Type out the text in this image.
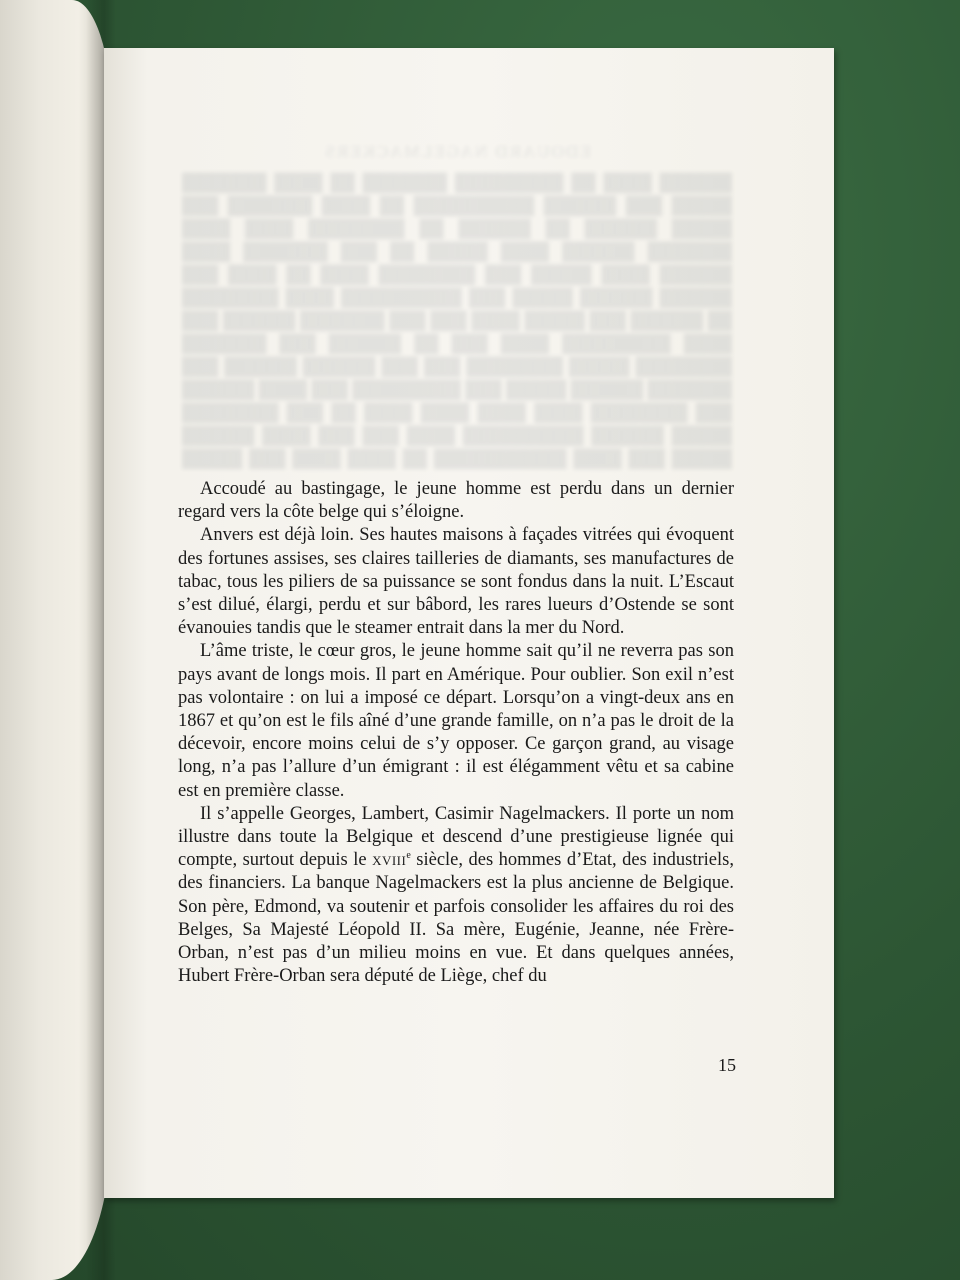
EDOUARD NAGELMACKERS
██████ ████ ██ █████████ ███████ ██ ████ ███████ █████ ███ ██████ ██████████ ██ ████ ███████ ███ █████ ██████ ██ ██████ ██ ████████ ████ ████ ███████ ██████ ████ █████ ██ ███ ███████ ████ ██████ ████ █████ ███ ████████ ████ ██ ████ ███ ██████ ██████ █████ ███ ██████████ ████ ████████ ██ ██████ ███ █████ ████ ███ ███ ███████ ██████ ███ ████ █████████ ████ ███ ██ ██████ ███ ███████ ████████ █████ ████████ ███ ███ ██████ ██████ ███ ███████ ██████ █████ ███ █████████ ███ ████ ██████ ███ ████████ ████ ████ ████ ████ ██ ███ ████████ █████ ██████ ██████████ ████ ███ ███ ████ ██████ █████ ███ ████ ███████████ ██ ████ ████ ███ █████

Accoudé au bastingage, le jeune homme est perdu dans un dernier regard vers la côte belge qui s’éloigne.

Anvers est déjà loin. Ses hautes maisons à façades vitrées qui évoquent des fortunes assises, ses claires tailleries de diamants, ses manufactures de tabac, tous les piliers de sa puissance se sont fondus dans la nuit. L’Escaut s’est dilué, élargi, perdu et sur bâbord, les rares lueurs d’Ostende se sont évanouies tandis que le steamer entrait dans la mer du Nord.

L’âme triste, le cœur gros, le jeune homme sait qu’il ne reverra pas son pays avant de longs mois. Il part en Amérique. Pour oublier. Son exil n’est pas volontaire : on lui a imposé ce départ. Lorsqu’on a vingt-deux ans en 1867 et qu’on est le fils aîné d’une grande famille, on n’a pas le droit de la décevoir, encore moins celui de s’y opposer. Ce garçon grand, au visage long, n’a pas l’allure d’un émigrant : il est élégamment vêtu et sa cabine est en première classe.

Il s’appelle Georges, Lambert, Casimir Nagelmackers. Il porte un nom illustre dans toute la Belgique et descend d’une prestigieuse lignée qui compte, surtout depuis le XVIIIe siècle, des hommes d’Etat, des industriels, des financiers. La banque Nagelmackers est la plus ancienne de Belgique. Son père, Edmond, va soutenir et parfois consolider les affaires du roi des Belges, Sa Majesté Léopold II. Sa mère, Eugénie, Jeanne, née Frère-Orban, n’est pas d’un milieu moins en vue. Et dans quelques années, Hubert Frère-Orban sera député de Liège, chef du

15
